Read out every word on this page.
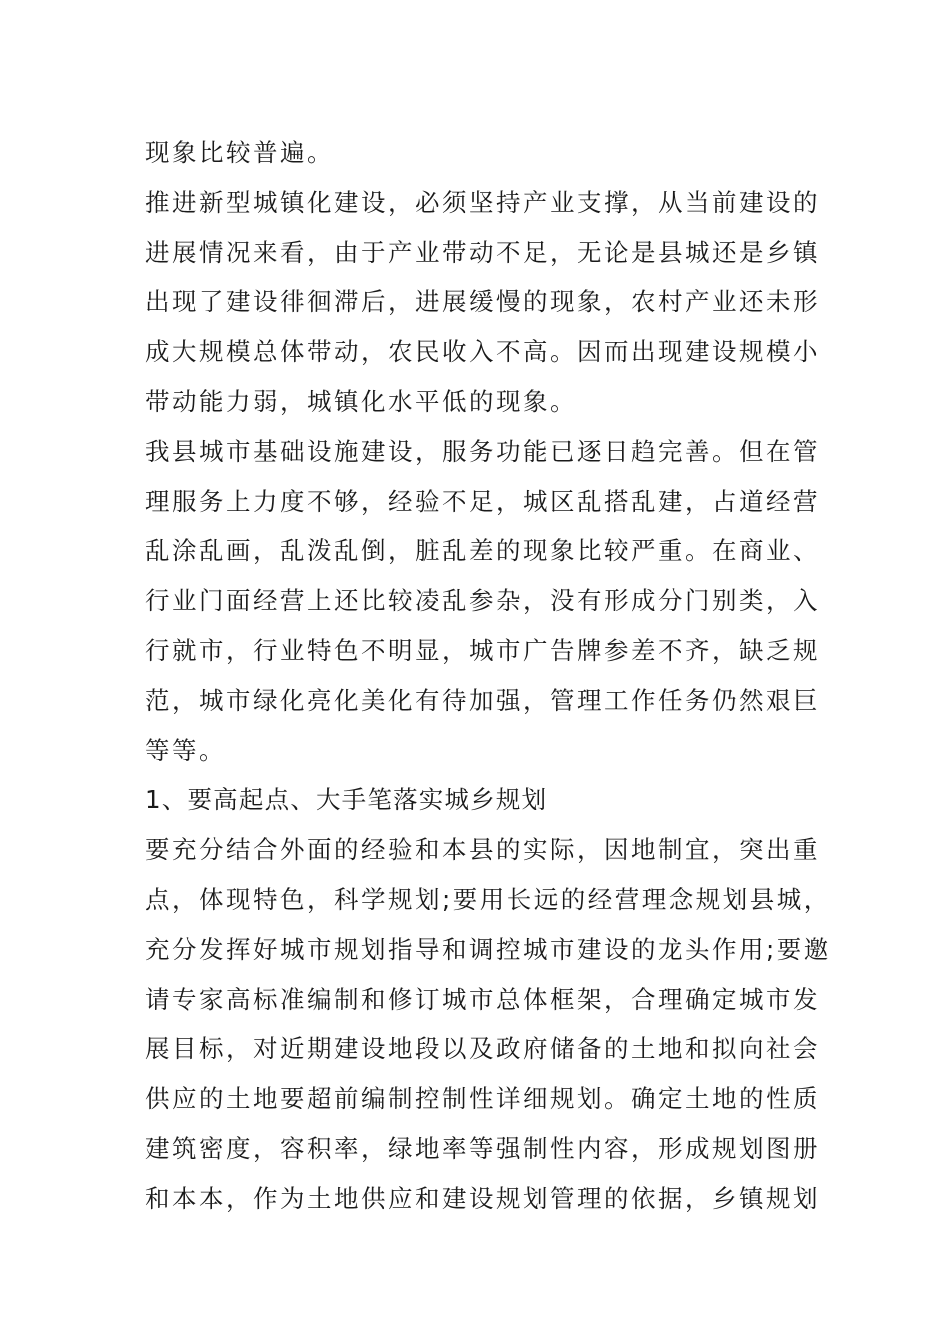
现象比较普遍。
推进新型城镇化建设，必须坚持产业支撑，从当前建设的
进展情况来看，由于产业带动不足，无论是县城还是乡镇
出现了建设徘徊滞后，进展缓慢的现象，农村产业还未形
成大规模总体带动，农民收入不高。因而出现建设规模小
带动能力弱，城镇化水平低的现象。
我县城市基础设施建设，服务功能已逐日趋完善。但在管
理服务上力度不够，经验不足，城区乱搭乱建，占道经营
乱涂乱画，乱泼乱倒，脏乱差的现象比较严重。在商业、
行业门面经营上还比较凌乱参杂，没有形成分门别类，入
行就市，行业特色不明显，城市广告牌参差不齐，缺乏规
范，城市绿化亮化美化有待加强，管理工作任务仍然艰巨
等等。
1、要高起点、大手笔落实城乡规划
要充分结合外面的经验和本县的实际，因地制宜，突出重
点，体现特色，科学规划;要用长远的经营理念规划县城，
充分发挥好城市规划指导和调控城市建设的龙头作用;要邀
请专家高标准编制和修订城市总体框架，合理确定城市发
展目标，对近期建设地段以及政府储备的土地和拟向社会
供应的土地要超前编制控制性详细规划。确定土地的性质
建筑密度，容积率，绿地率等强制性内容，形成规划图册
和本本，作为土地供应和建设规划管理的依据，乡镇规划
